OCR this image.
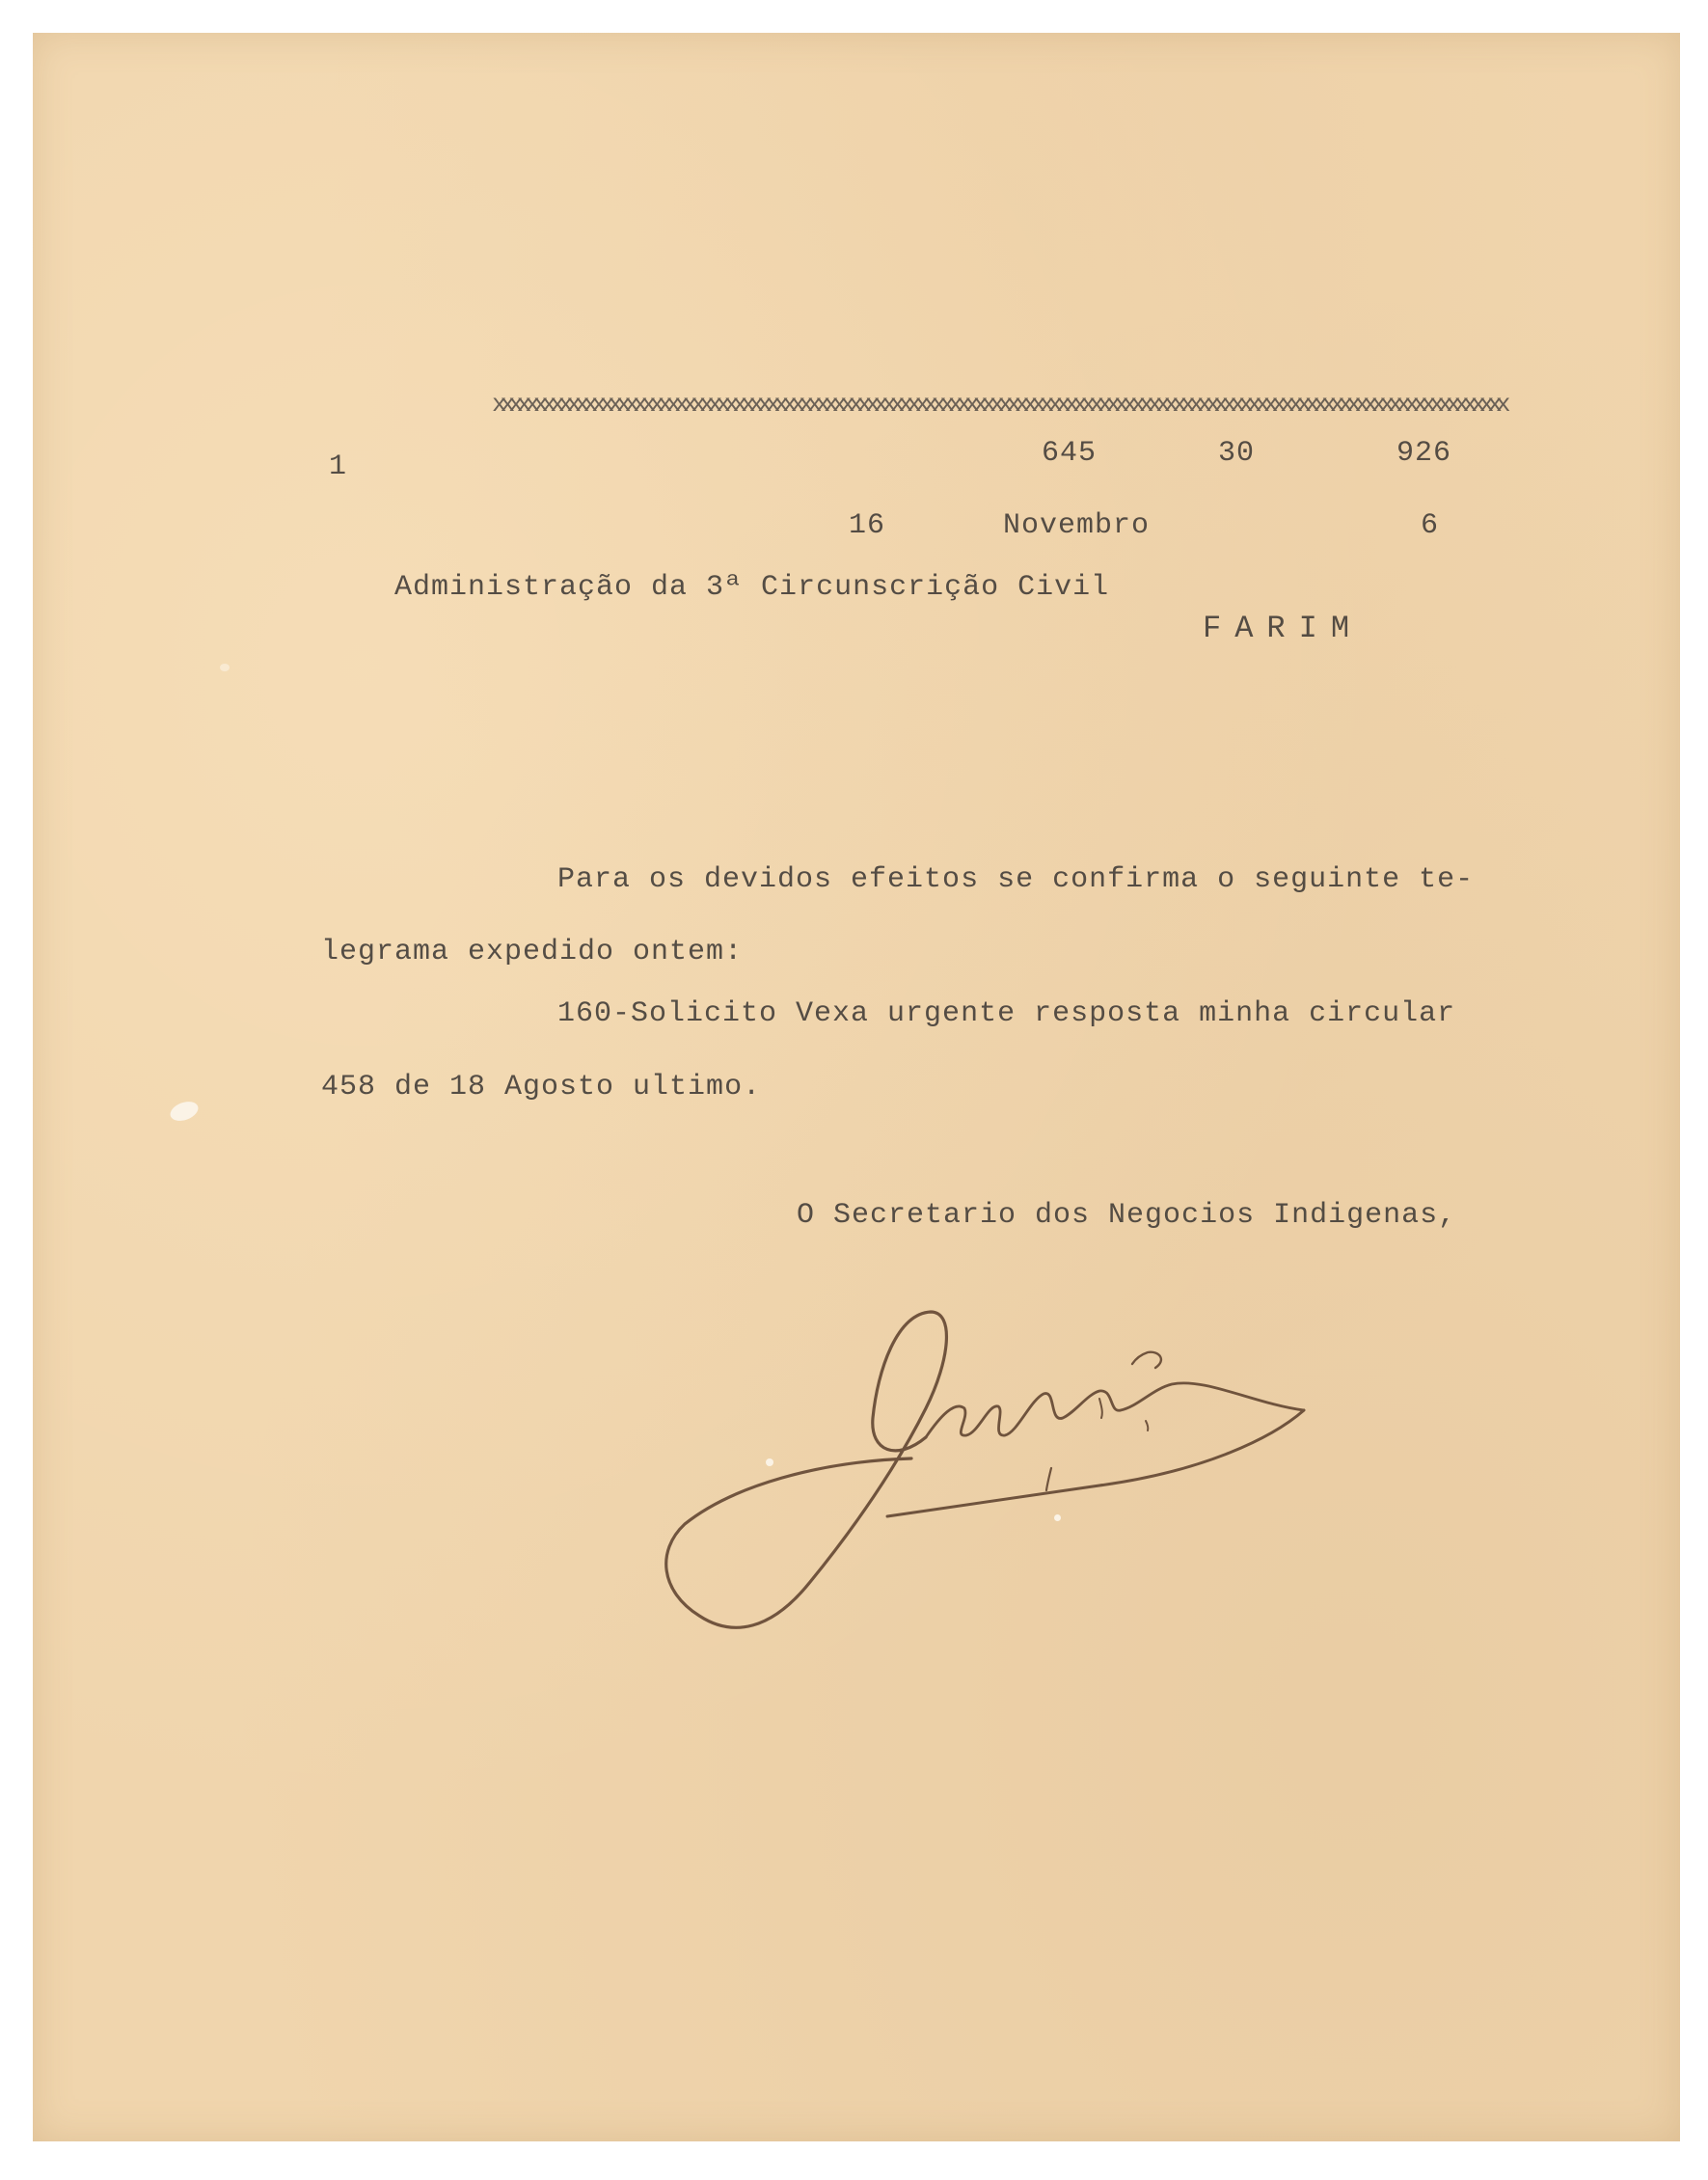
xxxxxxxxxxxxxxxxxxxxxxxxxxxxxxxxxxxxxxxxxxxxxxxxxxxxxxxxxxxxxxxxxxxxxxxxxxxxxxxxxxxxxxxxxxxxxxxxxxxxxxxxxxxxxxxxxxxxxxxxxx
1	645	30	926
16	Novembro	6
Administração da 3ª Circunscrição Civil
FARIM
Para os devidos efeitos se confirma o seguinte te-
legrama expedido ontem:
160-Solicito Vexa urgente resposta minha circular
458 de 18 Agosto ultimo.
O Secretario dos Negocios Indigenas,
